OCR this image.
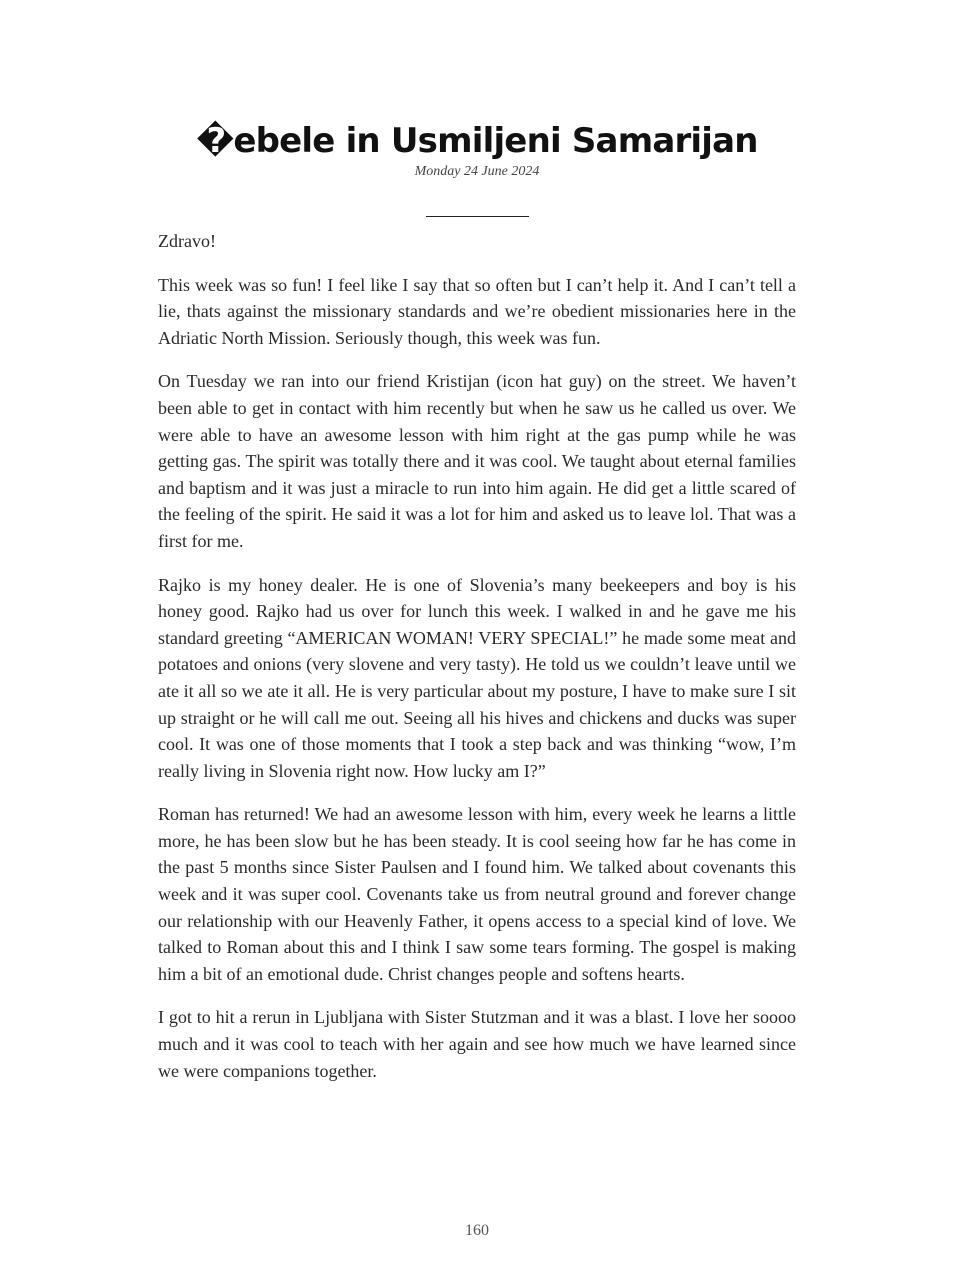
�ebele in Usmiljeni Samarijan
Monday 24 June 2024

Zdravo!

This week was so fun! I feel like I say that so often but I can’t help it. And I can’t tell a lie, thats against the missionary standards and we’re obedient missionaries here in the Adriatic North Mission. Seriously though, this week was fun.

On Tuesday we ran into our friend Kristijan (icon hat guy) on the street. We haven’t been able to get in contact with him recently but when he saw us he called us over. We were able to have an awesome lesson with him right at the gas pump while he was getting gas. The spirit was totally there and it was cool. We taught about eternal families and baptism and it was just a miracle to run into him again. He did get a little scared of the feeling of the spirit. He said it was a lot for him and asked us to leave lol. That was a first for me.

Rajko is my honey dealer. He is one of Slovenia’s many beekeepers and boy is his honey good. Rajko had us over for lunch this week. I walked in and he gave me his standard greeting “AMERICAN WOMAN! VERY SPECIAL!” he made some meat and potatoes and onions (very slovene and very tasty). He told us we couldn’t leave until we ate it all so we ate it all. He is very particular about my posture, I have to make sure I sit up straight or he will call me out. Seeing all his hives and chickens and ducks was super cool. It was one of those moments that I took a step back and was thinking “wow, I’m really living in Slovenia right now. How lucky am I?”

Roman has returned! We had an awesome lesson with him, every week he learns a little more, he has been slow but he has been steady. It is cool seeing how far he has come in the past 5 months since Sister Paulsen and I found him. We talked about covenants this week and it was super cool. Covenants take us from neutral ground and forever change our relationship with our Heavenly Father, it opens access to a special kind of love. We talked to Roman about this and I think I saw some tears forming. The gospel is making him a bit of an emotional dude. Christ changes people and softens hearts.

I got to hit a rerun in Ljubljana with Sister Stutzman and it was a blast. I love her soooo much and it was cool to teach with her again and see how much we have learned since we were companions together.

160
